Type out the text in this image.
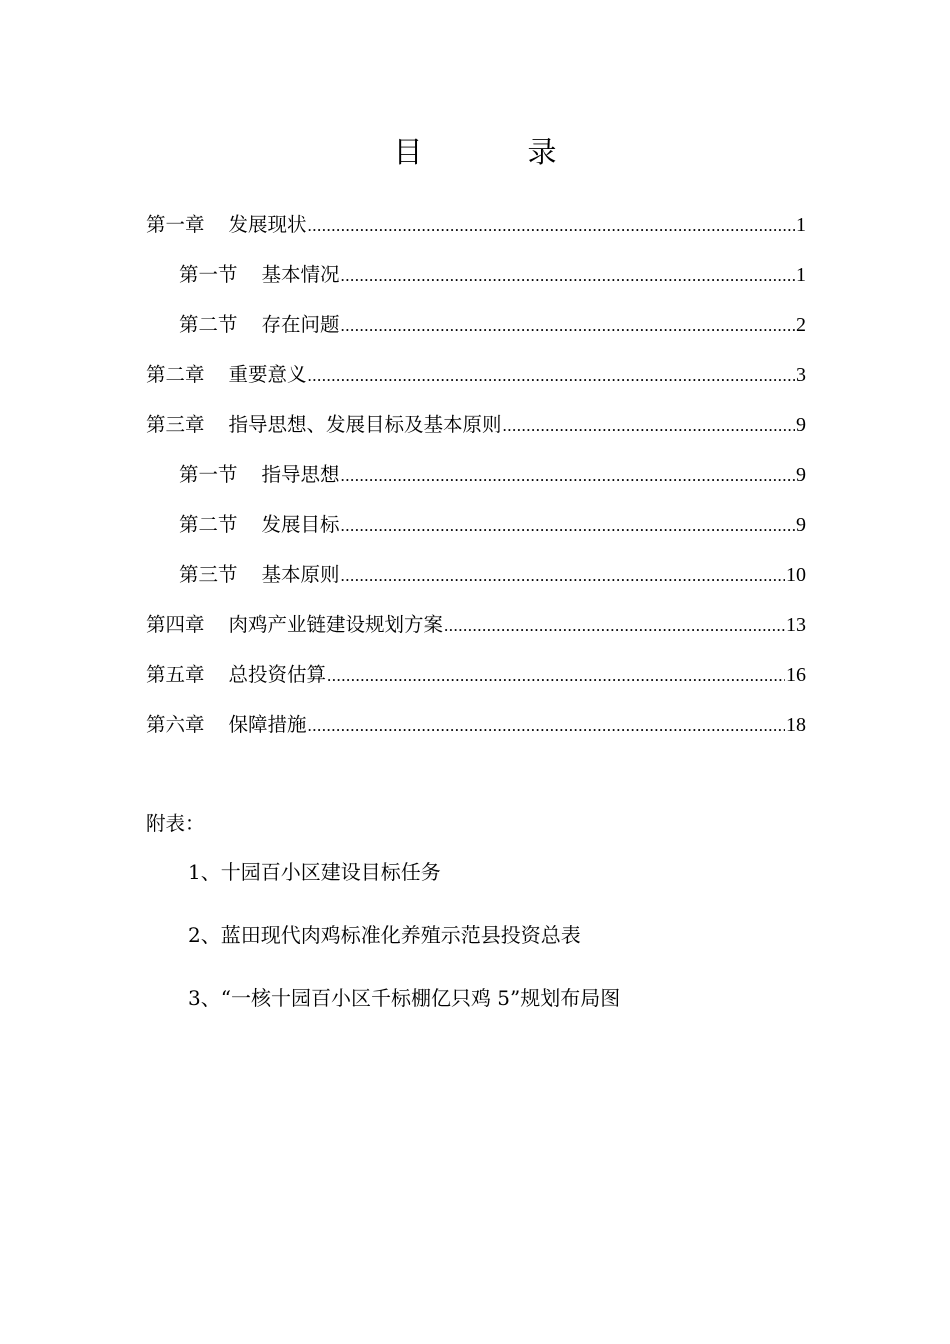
目　录
第一章 发展现状 .....	1
第一节 基本情况 .....	1
第二节 存在问题 .....	2
第二章 重要意义 .....	3
第三章 指导思想、发展目标及基本原则 .....	9
第一节 指导思想 .....	9
第二节 发展目标 .....	9
第三节 基本原则 .....	10
第四章 肉鸡产业链建设规划方案 .....	13
第五章 总投资估算 .....	16
第六章 保障措施 .....	18
附表：
1、十园百小区建设目标任务
2、蓝田现代肉鸡标准化养殖示范县投资总表
3、“一核十园百小区千标棚亿只鸡 5”规划布局图
